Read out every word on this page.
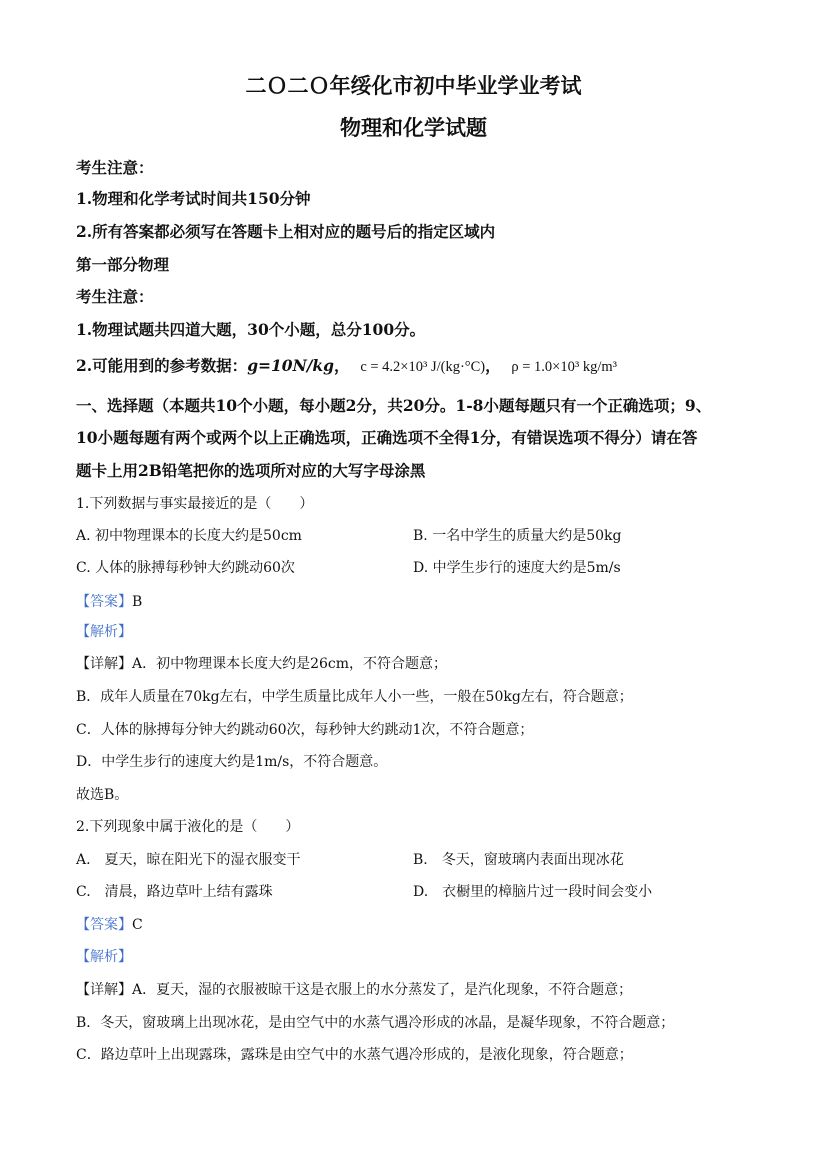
二Ｏ二Ｏ年绥化市初中毕业学业考试
物理和化学试题
考生注意：
1.物理和化学考试时间共150分钟
2.所有答案都必须写在答题卡上相对应的题号后的指定区域内
第一部分物理
考生注意：
1.物理试题共四道大题，30个小题，总分100分。
2.可能用到的参考数据：g=10N/kg， c = 4.2×10³ J/(kg·°C)， ρ = 1.0×10³ kg/m³
一、选择题（本题共10个小题，每小题2分，共20分。1-8小题每题只有一个正确选项；9、
10小题每题有两个或两个以上正确选项，正确选项不全得1分，有错误选项不得分）请在答
题卡上用2B铅笔把你的选项所对应的大写字母涂黑
1.下列数据与事实最接近的是（　　）
A. 初中物理课本的长度大约是50cm	B. 一名中学生的质量大约是50kg
C. 人体的脉搏每秒钟大约跳动60次	D. 中学生步行的速度大约是5m/s
【答案】B
【解析】
【详解】A．初中物理课本长度大约是26cm，不符合题意；
B．成年人质量在70kg左右，中学生质量比成年人小一些，一般在50kg左右，符合题意；
C．人体的脉搏每分钟大约跳动60次，每秒钟大约跳动1次，不符合题意；
D．中学生步行的速度大约是1m/s，不符合题意。
故选B。
2.下列现象中属于液化的是（　　）
A.　夏天，晾在阳光下的湿衣服变干	B.　冬天，窗玻璃内表面出现冰花
C.　清晨，路边草叶上结有露珠	D.　衣橱里的樟脑片过一段时间会变小
【答案】C
【解析】
【详解】A．夏天，湿的衣服被晾干这是衣服上的水分蒸发了，是汽化现象，不符合题意；
B．冬天，窗玻璃上出现冰花，是由空气中的水蒸气遇冷形成的冰晶，是凝华现象，不符合题意；
C．路边草叶上出现露珠，露珠是由空气中的水蒸气遇冷形成的，是液化现象，符合题意；
